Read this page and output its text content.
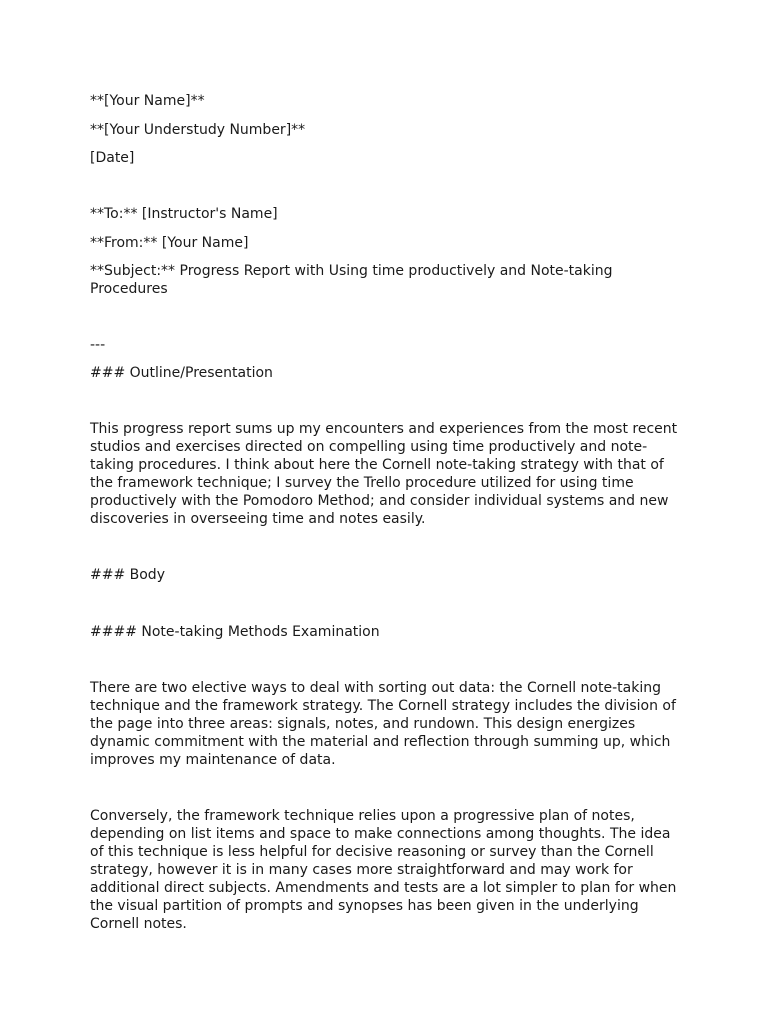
**[Your Name]**

**[Your Understudy Number]**

[Date]

**To:** [Instructor's Name]

**From:** [Your Name]

**Subject:** Progress Report with Using time productively and Note-taking Procedures

---

### Outline/Presentation

This progress report sums up my encounters and experiences from the most recent studios and exercises directed on compelling using time productively and note-taking procedures. I think about here the Cornell note-taking strategy with that of the framework technique; I survey the Trello procedure utilized for using time productively with the Pomodoro Method; and consider individual systems and new discoveries in overseeing time and notes easily.

### Body

#### Note-taking Methods Examination

There are two elective ways to deal with sorting out data: the Cornell note-taking technique and the framework strategy. The Cornell strategy includes the division of the page into three areas: signals, notes, and rundown. This design energizes dynamic commitment with the material and reflection through summing up, which improves my maintenance of data.

Conversely, the framework technique relies upon a progressive plan of notes, depending on list items and space to make connections among thoughts. The idea of this technique is less helpful for decisive reasoning or survey than the Cornell strategy, however it is in many cases more straightforward and may work for additional direct subjects. Amendments and tests are a lot simpler to plan for when the visual partition of prompts and synopses has been given in the underlying Cornell notes.
